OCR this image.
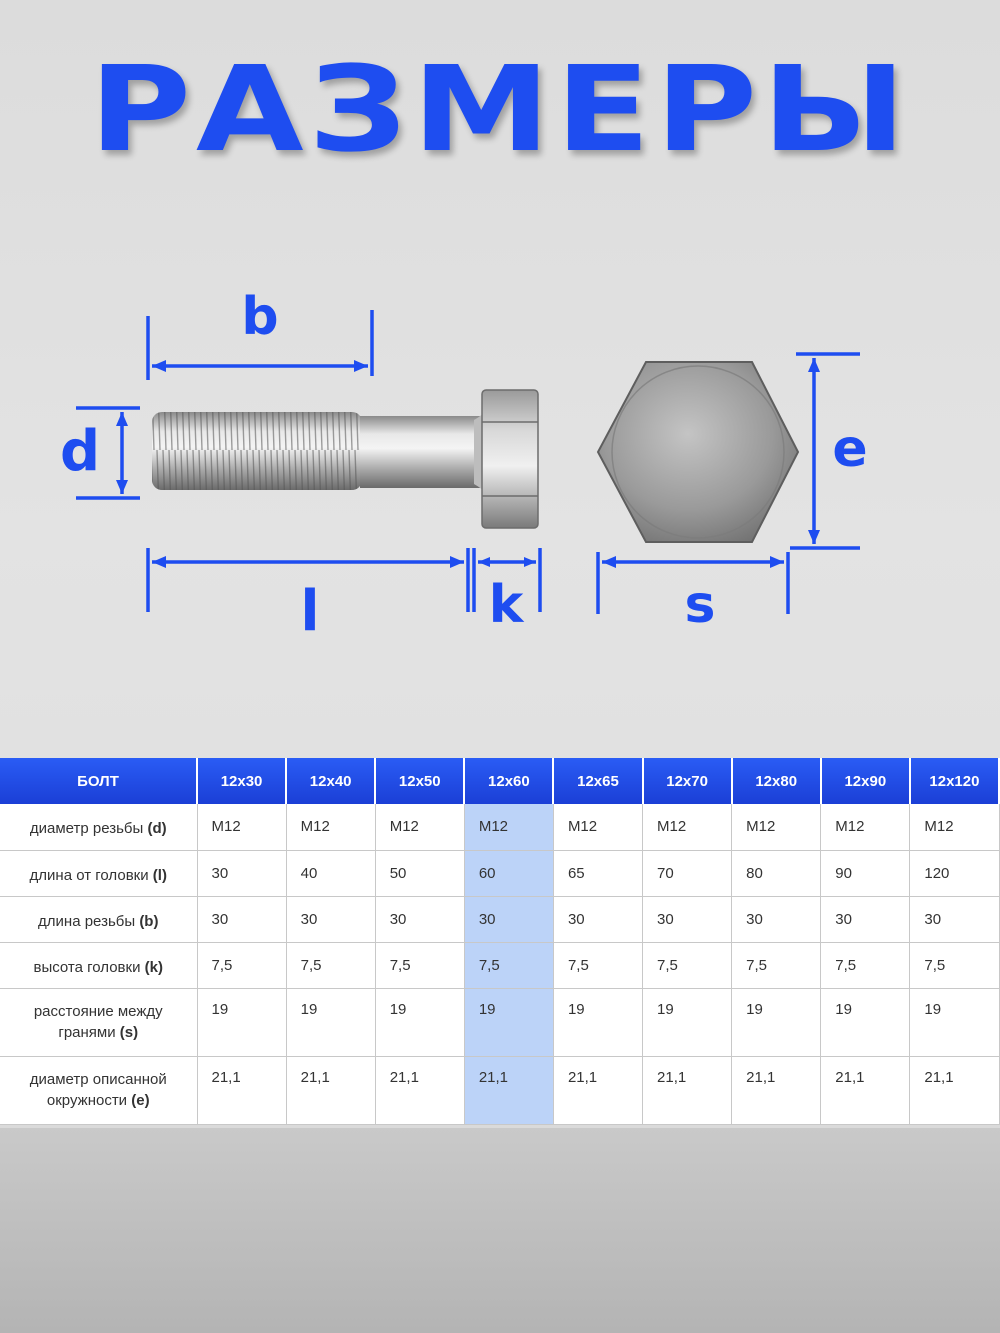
РАЗМЕРЫ
b
d
l	k	s
e
БОЛТ	12x30	12x40	12x50	12x60	12x65	12x70	12x80	12x90	12x120
диаметр резьбы (d)	M12	M12	M12	M12	M12	M12	M12	M12	M12
длина от головки (l)	30	40	50	60	65	70	80	90	120
длина резьбы (b)	30	30	30	30	30	30	30	30	30
высота головки (k)	7,5	7,5	7,5	7,5	7,5	7,5	7,5	7,5	7,5
расстояние между гранями (s)	19	19	19	19	19	19	19	19	19
диаметр описанной окружности (e)	21,1	21,1	21,1	21,1	21,1	21,1	21,1	21,1	21,1
